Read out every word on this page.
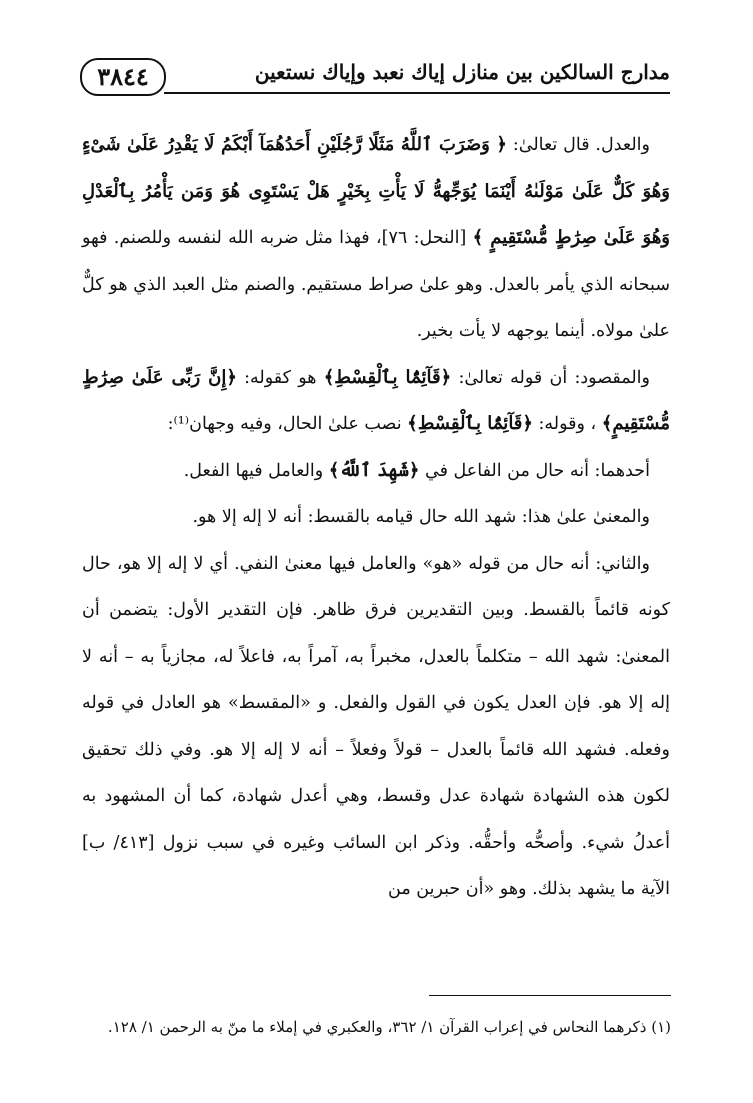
٣٨٤٤	مدارج السالكين بين منازل إياك نعبد وإياك نستعين

والعدل. قال تعالىٰ: ﴿ وَضَرَبَ ٱللَّهُ مَثَلًا رَّجُلَيْنِ أَحَدُهُمَآ أَبْكَمُ لَا يَقْدِرُ عَلَىٰ شَىْءٍ وَهُوَ كَلٌّ عَلَىٰ مَوْلَىٰهُ أَيْنَمَا يُوَجِّههُّ لَا يَأْتِ بِخَيْرٍ هَلْ يَسْتَوِى هُوَ وَمَن يَأْمُرُ بِٱلْعَدْلِ وَهُوَ عَلَىٰ صِرَٰطٍ مُّسْتَقِيمٍ ﴾ [النحل: ٧٦]، فهذا مثل ضربه الله لنفسه وللصنم. فهو سبحانه الذي يأمر بالعدل. وهو علىٰ صراط مستقيم. والصنم مثل العبد الذي هو كلٌّ علىٰ مولاه. أينما يوجهه لا يأت بخير.

والمقصود: أن قوله تعالىٰ: ﴿قَآئِمًۢا بِٱلْقِسْطِ﴾ هو كقوله: ﴿إِنَّ رَبِّى عَلَىٰ صِرَٰطٍ مُّسْتَقِيمٍ﴾ ، وقوله: ﴿قَآئِمًۢا بِٱلْقِسْطِ﴾ نصب علىٰ الحال، وفيه وجهان⁽¹⁾:

أحدهما: أنه حال من الفاعل في ﴿شَهِدَ ٱللَّهُ﴾ والعامل فيها الفعل.

والمعنىٰ علىٰ هذا: شهد الله حال قيامه بالقسط: أنه لا إله إلا هو.

والثاني: أنه حال من قوله «هو» والعامل فيها معنىٰ النفي. أي لا إله إلا هو، حال كونه قائماً بالقسط. وبين التقديرين فرق ظاهر. فإن التقدير الأول: يتضمن أن المعنىٰ: شهد الله – متكلماً بالعدل، مخبراً به، آمراً به، فاعلاً له، مجازياً به – أنه لا إله إلا هو. فإن العدل يكون في القول والفعل. و «المقسط» هو العادل في قوله وفعله. فشهد الله قائماً بالعدل – قولاً وفعلاً – أنه لا إله إلا هو. وفي ذلك تحقيق لكون هذه الشهادة شهادة عدل وقسط، وهي أعدل شهادة، كما أن المشهود به أعدلُ شيء. وأصحُّه وأحقُّه. وذكر ابن السائب وغيره في سبب نزول [٤١٣/ ب] الآية ما يشهد بذلك. وهو «أن حبرين من

(١) ذكرهما النحاس في إعراب القرآن ١/ ٣٦٢، والعكبري في إملاء ما منّ به الرحمن ١/ ١٢٨.
